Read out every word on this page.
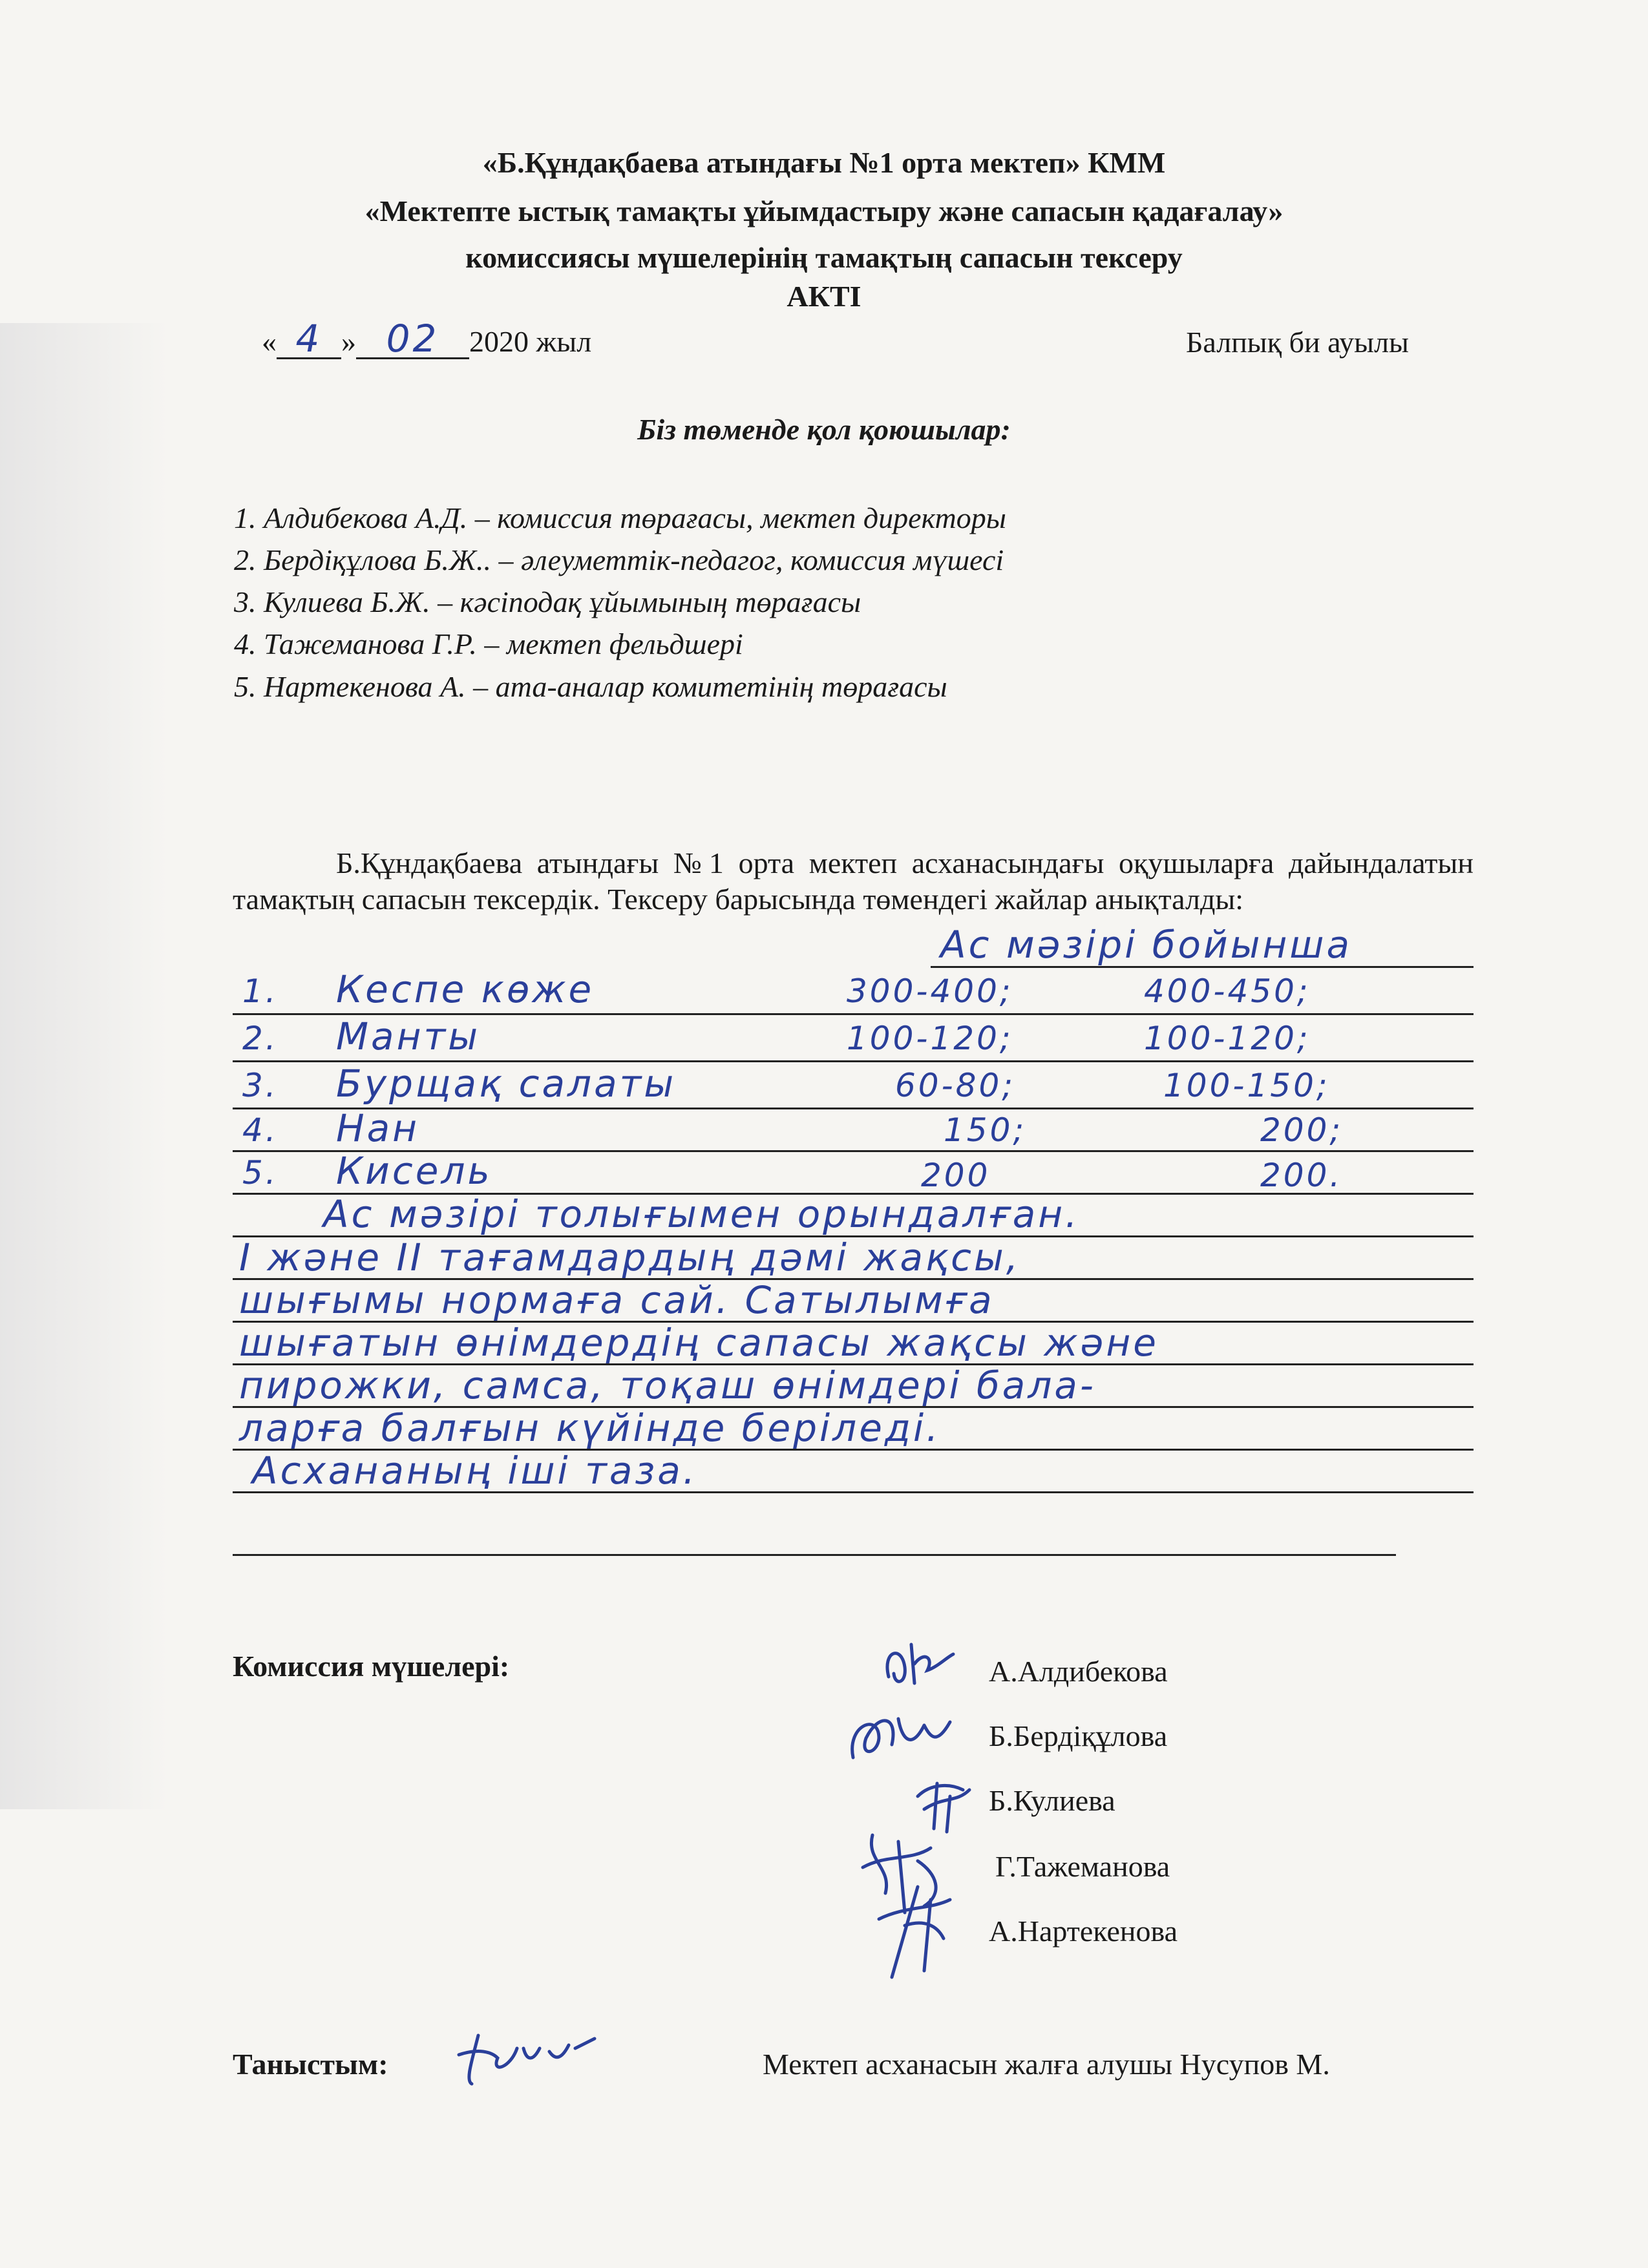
«Б.Құндақбаева атындағы №1 орта мектеп» КММ
«Мектепте ыстық тамақты ұйымдастыру және сапасын қадағалау»
комиссиясы мүшелерінің тамақтың сапасын тексеру
АКТІ
« 4 » 02 2020 жыл	Балпық би ауылы
Біз төменде қол қоюшылар:
1. Алдибекова А.Д. – комиссия төрағасы, мектеп директоры
2. Бердіқұлова Б.Ж.. – әлеуметтік-педагог, комиссия мүшесі
3. Кулиева Б.Ж. – кәсіподақ ұйымының төрағасы
4. Тажеманова Г.Р. – мектеп фельдшері
5. Нартекенова А. – ата-аналар комитетінің төрағасы
Б.Құндақбаева атындағы №1 орта мектеп асханасындағы оқушыларға дайындалатын тамақтың сапасын тексердік. Тексеру барысында төмендегі жайлар анықталды:
Ас мәзірі бойынша
1. Кеспе көже	300-400;	400-450;
2. Манты	100-120;	100-120;
3. Бурщақ салаты	60-80;	100-150;
4. Нан	150;	200;
5. Кисель	200	200.
Ас мәзірі толығымен орындалған.
I және II тағамдардың дәмі жақсы,
шығымы нормаға сай. Сатылымға
шығатын өнімдердің сапасы жақсы және
пирожки, самса, тоқаш өнімдері бала-
ларға балғын күйінде беріледі.
Асхананың іші таза.
Комиссия мүшелері:	А.Алдибекова
Б.Бердіқұлова
Б.Кулиева
Г.Тажеманова
А.Нартекенова
Таныстым:	Мектеп асханасын жалға алушы Нусупов М.
